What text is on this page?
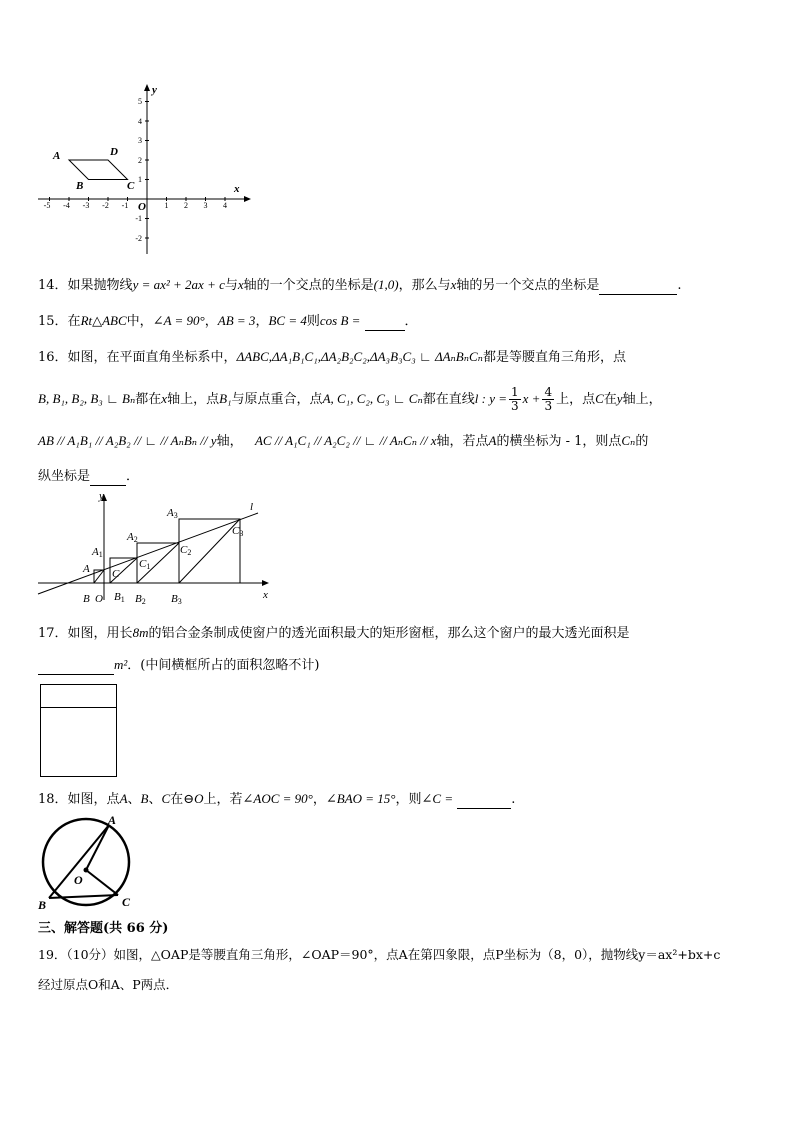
-5 -4 -3 -2 -1	1 2 3 4
1
2
3
4
5
-1
-2
x
y
O
A	D
B	C
14．如果抛物线y = ax² + 2ax + c与x轴的一个交点的坐标是(1,0)，那么与x轴的另一个交点的坐标是	.
15．在Rt△ABC中，∠A = 90°，AB = 3，BC = 4则cos B =	．
16．如图，在平面直角坐标系中，ΔABC,ΔA₁B₁C₁,ΔA₂B₂C₂,ΔA₃B₃C₃ ∟ ΔAₙBₙCₙ都是等腰直角三角形，点
B, B₁, B₂, B₃ ∟ Bₙ都在x轴上，点B₁与原点重合，点A, C₁, C₂, C₃ ∟ Cₙ都在直线l : $y = \frac{1}{3}$ $x + \frac{4}{3}$ 上，点C在y轴上，
AB // A₁B₁ // A₂B₂ // ∟ // AₙBₙ // y轴， AC // A₁C₁ // A₂C₂ // ∟ // AₙCₙ // x轴，若点A的横坐标为 - 1，则点Cₙ的
纵坐标是	．
y
x
l
A
A1
A2
A3
C
C1
C2
C3
B O B1 B2 B3
17．如图，用长8m的铝合金条制成使窗户的透光面积最大的矩形窗框，那么这个窗户的最大透光面积是
m²．(中间横框所占的面积忽略不计)
18．如图，点A、B、C在⊖O上，若∠AOC = 90°，∠BAO = 15°，则∠C =	.
A
O
B	C
三、解答题(共 66 分)
19．（10分）如图，△OAP是等腰直角三角形，∠OAP＝90°，点A在第四象限，点P坐标为（8，0），抛物线y＝ax²+bx+c
经过原点O和A、P两点．
